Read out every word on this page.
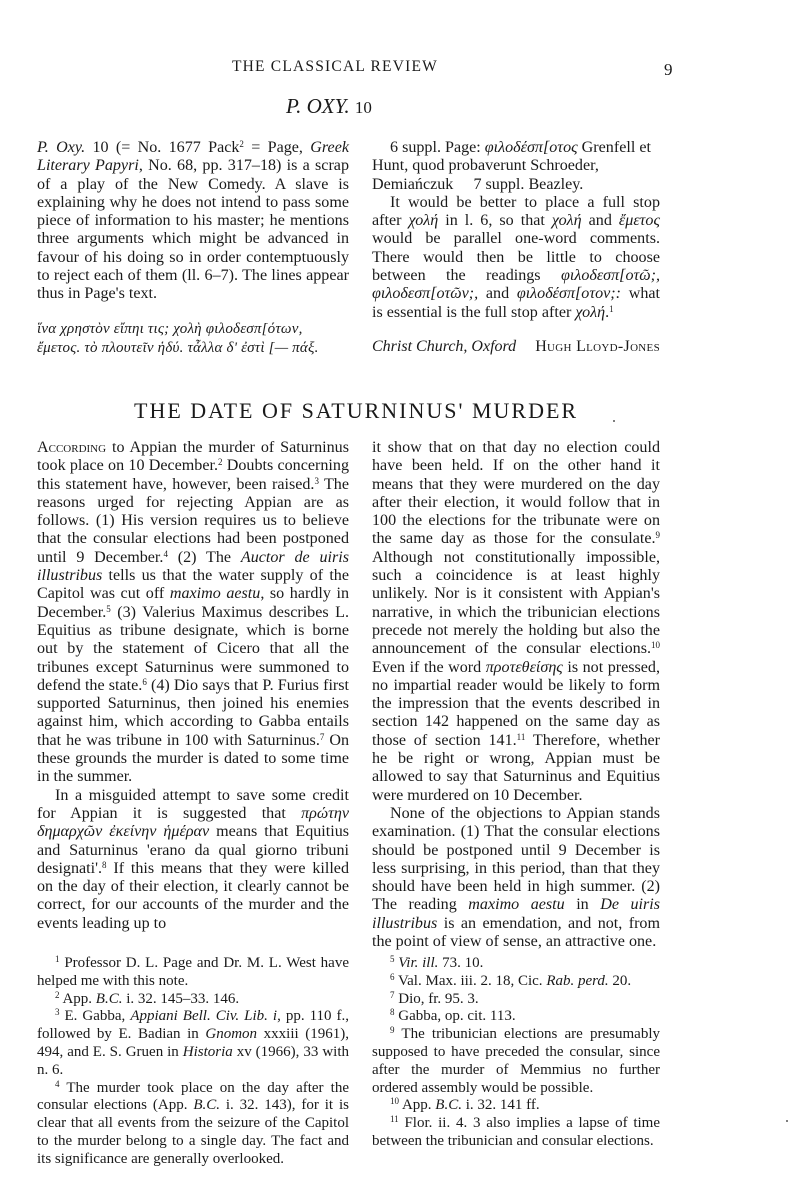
THE CLASSICAL REVIEW	9
P. OXY. 10

P. Oxy. 10 (= No. 1677 Pack$^2$ = Page, Greek Literary Papyri, No. 68, pp. 317–18) is a scrap of a play of the New Comedy. A slave is explaining why he does not intend to pass some piece of information to his master; he mentions three arguments which might be advanced in favour of his doing so in order contemptuously to reject each of them (ll. 6–7). The lines appear thus in Page's text.

ἵνα χρηστὸν εἴπηι τις; χολὴ φιλοδεσπ[ότων,
ἔμετος. τὸ πλουτεῖν ἡδύ. τἆλλα δ' ἐστὶ [— πάξ.

6 suppl. Page: φιλοδέσπ[οτος Grenfell et Hunt, quod probaverunt Schroeder, Demiańczuk 7 suppl. Beazley.

It would be better to place a full stop after χολή in l. 6, so that χολή and ἔμετος would be parallel one-word comments. There would then be little to choose between the readings φιλοδεσπ[οτῶ;, φιλοδεσπ[οτῶν;, and φιλοδέσπ[οτον;: what is essential is the full stop after χολή.$^1$

Christ Church, Oxford Hugh Lloyd-Jones
THE DATE OF SATURNINUS' MURDER

According to Appian the murder of Saturninus took place on 10 December.$^2$ Doubts concerning this statement have, however, been raised.$^3$ The reasons urged for rejecting Appian are as follows. (1) His version requires us to believe that the consular elections had been postponed until 9 December.$^4$ (2) The Auctor de uiris illustribus tells us that the water supply of the Capitol was cut off maximo aestu, so hardly in December.$^5$ (3) Valerius Maximus describes L. Equitius as tribune designate, which is borne out by the statement of Cicero that all the tribunes except Saturninus were summoned to defend the state.$^6$ (4) Dio says that P. Furius first supported Saturninus, then joined his enemies against him, which according to Gabba entails that he was tribune in 100 with Saturninus.$^7$ On these grounds the murder is dated to some time in the summer.

In a misguided attempt to save some credit for Appian it is suggested that πρώτην δημαρχῶν ἐκείνην ἡμέραν means that Equitius and Saturninus 'erano da qual giorno tribuni designati'.$^8$ If this means that they were killed on the day of their election, it clearly cannot be correct, for our accounts of the murder and the events leading up to

it show that on that day no election could have been held. If on the other hand it means that they were murdered on the day after their election, it would follow that in 100 the elections for the tribunate were on the same day as those for the consulate.$^9$ Although not constitutionally impossible, such a coincidence is at least highly unlikely. Nor is it consistent with Appian's narrative, in which the tribunician elections precede not merely the holding but also the announcement of the consular elections.$^{10}$ Even if the word προτεθείσης is not pressed, no impartial reader would be likely to form the impression that the events described in section 142 happened on the same day as those of section 141.11 Therefore, whether he be right or wrong, Appian must be allowed to say that Saturninus and Equitius were murdered on 10 December.

None of the objections to Appian stands examination. (1) That the consular elections should be postponed until 9 December is less surprising, in this period, than that they should have been held in high summer. (2) The reading maximo aestu in De uiris illustribus is an emendation, and not, from the point of view of sense, an attractive one.

$^1$ Professor D. L. Page and Dr. M. L. West have helped me with this note.

$^2$ App. B.C. i. 32. 145–33. 146.

$^3$ E. Gabba, Appiani Bell. Civ. Lib. i, pp. 110 f., followed by E. Badian in Gnomon xxxiii (1961), 494, and E. S. Gruen in Historia xv (1966), 33 with n. 6.

$^4$ The murder took place on the day after the consular elections (App. B.C. i. 32. 143), for it is clear that all events from the seizure of the Capitol to the murder belong to a single day. The fact and its significance are generally overlooked.

$^5$ Vir. ill. 73. 10.

$^6$ Val. Max. iii. 2. 18, Cic. Rab. perd. 20.

$^7$ Dio, fr. 95. 3.

$^8$ Gabba, op. cit. 113.

$^9$ The tribunician elections are presumably supposed to have preceded the consular, since after the murder of Memmius no further ordered assembly would be possible.

$^{10}$ App. B.C. i. 32. 141 ff.

$^{11}$ Flor. ii. 4. 3 also implies a lapse of time between the tribunician and consular elections.
